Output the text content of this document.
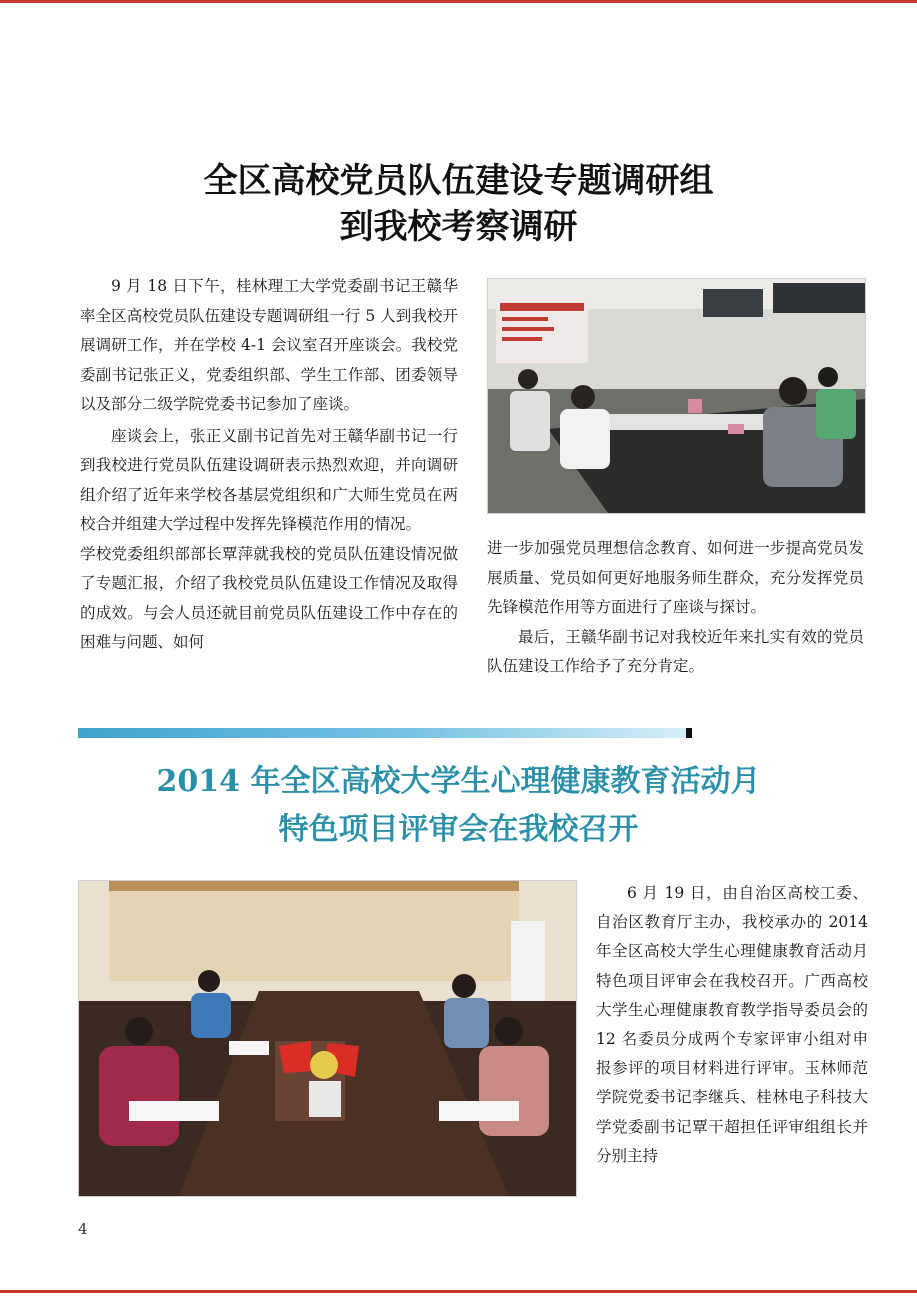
全区高校党员队伍建设专题调研组
到我校考察调研

9 月 18 日下午，桂林理工大学党委副书记王赣华率全区高校党员队伍建设专题调研组一行 5 人到我校开展调研工作，并在学校 4-1 会议室召开座谈会。我校党委副书记张正义，党委组织部、学生工作部、团委领导以及部分二级学院党委书记参加了座谈。

座谈会上，张正义副书记首先对王赣华副书记一行到我校进行党员队伍建设调研表示热烈欢迎，并向调研组介绍了近年来学校各基层党组织和广大师生党员在两校合并组建大学过程中发挥先锋模范作用的情况。

学校党委组织部部长覃萍就我校的党员队伍建设情况做了专题汇报，介绍了我校党员队伍建设工作情况及取得的成效。与会人员还就目前党员队伍建设工作中存在的困难与问题、如何

进一步加强党员理想信念教育、如何进一步提高党员发展质量、党员如何更好地服务师生群众，充分发挥党员先锋模范作用等方面进行了座谈与探讨。

最后，王赣华副书记对我校近年来扎实有效的党员队伍建设工作给予了充分肯定。

2014 年全区高校大学生心理健康教育活动月
特色项目评审会在我校召开

6 月 19 日，由自治区高校工委、自治区教育厅主办，我校承办的 2014 年全区高校大学生心理健康教育活动月特色项目评审会在我校召开。广西高校大学生心理健康教育教学指导委员会的 12 名委员分成两个专家评审小组对申报参评的项目材料进行评审。玉林师范学院党委书记李继兵、桂林电子科技大学党委副书记覃干超担任评审组组长并分别主持

4
